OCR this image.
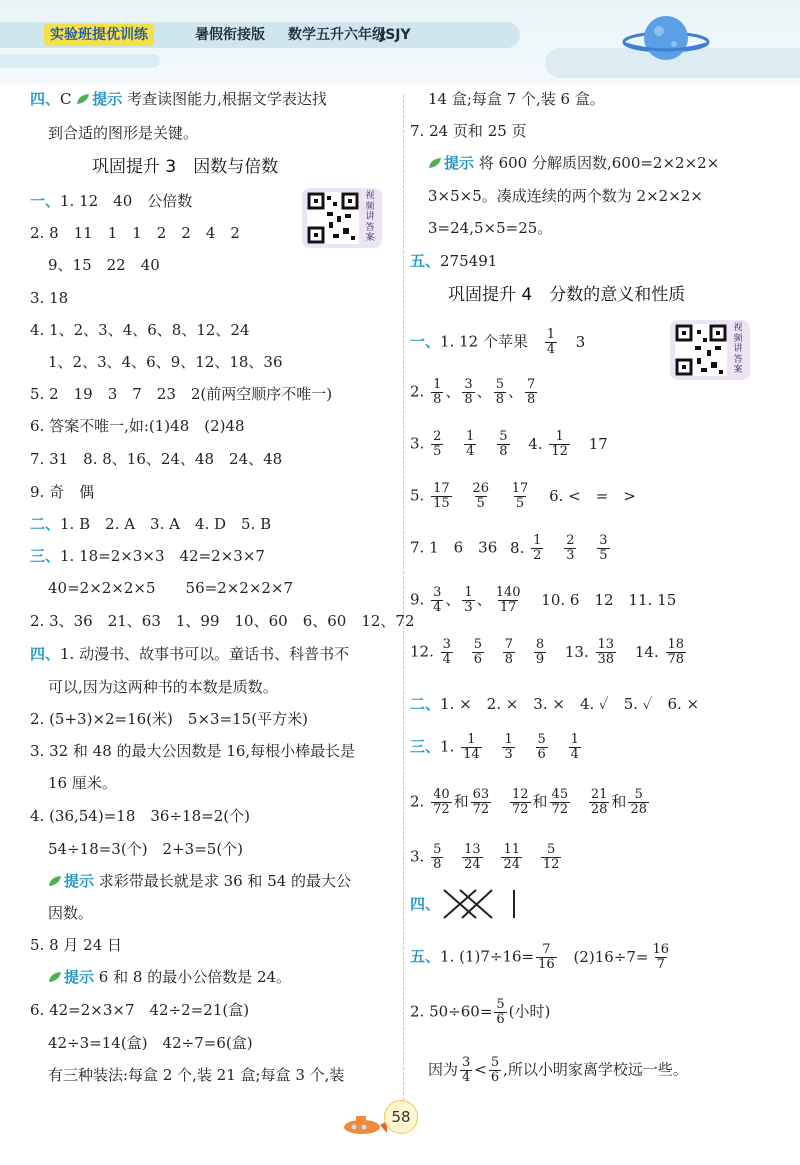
实验班提优训练	暑假衔接版 数学五升六年级
JSJY
四、C 提示 考查读图能力,根据文学表达找
到合适的图形是关键。
巩固提升 3　因数与倍数
视频讲答案
一、1. 12　40　公倍数
2. 8　11　1　1　2　2　4　2
9、15　22　40
3. 18
4. 1、2、3、4、6、8、12、24
1、2、3、4、6、9、12、18、36
5. 2　19　3　7　23　2(前两空顺序不唯一)
6. 答案不唯一,如:(1)48　(2)48
7. 31　8. 8、16、24、48　24、48
9. 奇　偶
二、1. B　2. A　3. A　4. D　5. B
三、1. 18=2×3×3　42=2×3×7
40=2×2×2×5　　56=2×2×2×7
2. 3、36　21、63　1、99　10、60　6、60　12、72
四、1. 动漫书、故事书可以。童话书、科普书不
可以,因为这两种书的本数是质数。
2. (5+3)×2=16(米)　5×3=15(平方米)
3. 32 和 48 的最大公因数是 16,每根小棒最长是
16 厘米。
4. (36,54)=18　36÷18=2(个)
54÷18=3(个)　2+3=5(个)
提示 求彩带最长就是求 36 和 54 的最大公
因数。
5. 8 月 24 日
提示 6 和 8 的最小公倍数是 24。
6. 42=2×3×7　42÷2=21(盒)
42÷3=14(盒)　42÷7=6(盒)
有三种装法:每盒 2 个,装 21 盒;每盒 3 个,装
14 盒;每盒 7 个,装 6 盒。
7. 24 页和 25 页
提示 将 600 分解质因数,600=2×2×2×
3×5×5。凑成连续的两个数为 2×2×2×
3=24,5×5=25。
五、275491
巩固提升 4　分数的意义和性质
视频讲答案
一、1. 12 个苹果 $\frac{1}{4} 3$
2. $\frac{1}{8}$ 、 $\frac{3}{8}$ 、 $\frac{5}{8}$ 、 $\frac{7}{8}$
3. $\frac{2}{5}$
$\frac{1}{4}$
$\frac{5}{8} 4$. $\frac{1}{12} 17$
5. $\frac{17}{15}$
$\frac{26}{5}$
$\frac{17}{5} 6$. <　=　>
7. 1　6　36 8. $\frac{1}{2}$
$\frac{2}{3}$
$\frac{3}{5}$
9. $\frac{3}{4}$ 、 $\frac{1}{3}$ 、 $\frac{140}{17} 10$. 6　12　11. 15
12. $\frac{3}{4}$
$\frac{5}{6}$
$\frac{7}{8}$
$\frac{8}{9} 13$. $\frac{13}{38} 14$. $\frac{18}{78}$
二、1. ×　2. ×　3. ×　4. ✓　5. ✓　6. ×
三、1. $\frac{1}{14}$
$\frac{1}{3}$
$\frac{5}{6}$
$\frac{1}{4}$
2. $\frac{40}{72}$ 和 $\frac{63}{72}$
$\frac{12}{72}$ 和 $\frac{45}{72}$
$\frac{21}{28}$ 和 $\frac{5}{28}$
3. $\frac{5}{8}$
$\frac{13}{24}$
$\frac{11}{24}$
$\frac{5}{12}$
四、
五、1. $(1)7\div 16= \frac{7}{16} (2)16\div 7= \frac{16}{7}$
2. $50\div 60= \frac{5}{6}$ (小时)
因为 $\frac{3}{4} < \frac{5}{6}$ ,所以小明家离学校远一些。
58
